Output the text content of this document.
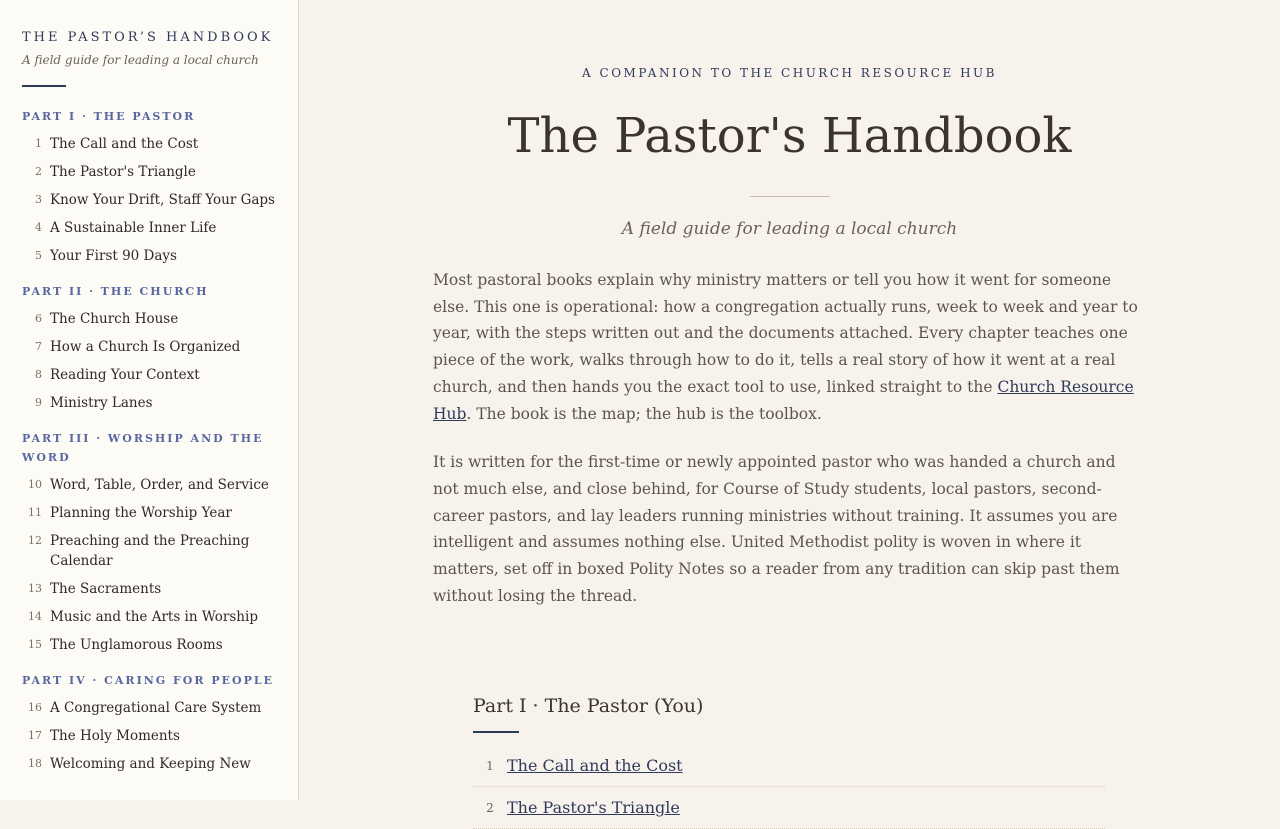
THE PASTOR’S HANDBOOK
A field guide for leading a local church
PART I · THE PASTOR
1 The Call and the Cost
2 The Pastor's Triangle
3 Know Your Drift, Staff Your Gaps
4 A Sustainable Inner Life
5 Your First 90 Days
PART II · THE CHURCH
6 The Church House
7 How a Church Is Organized
8 Reading Your Context
9 Ministry Lanes
PART III · WORSHIP AND THE WORD
10 Word, Table, Order, and Service
11 Planning the Worship Year
12 Preaching and the Preaching Calendar
13 The Sacraments
14 Music and the Arts in Worship
15 The Unglamorous Rooms
PART IV · CARING FOR PEOPLE
16 A Congregational Care System
17 The Holy Moments
18 Welcoming and Keeping New
A COMPANION TO THE CHURCH RESOURCE HUB
The Pastor's Handbook
A field guide for leading a local church

Most pastoral books explain why ministry matters or tell you how it went for someone else. This one is operational: how a congregation actually runs, week to week and year to year, with the steps written out and the documents attached. Every chapter teaches one piece of the work, walks through how to do it, tells a real story of how it went at a real church, and then hands you the exact tool to use, linked straight to the Church Resource Hub. The book is the map; the hub is the toolbox.

It is written for the first-time or newly appointed pastor who was handed a church and not much else, and close behind, for Course of Study students, local pastors, second-career pastors, and lay leaders running ministries without training. It assumes you are intelligent and assumes nothing else. United Methodist polity is woven in where it matters, set off in boxed Polity Notes so a reader from any tradition can skip past them without losing the thread.

Part I · The Pastor (You)
1 The Call and the Cost
2 The Pastor's Triangle
